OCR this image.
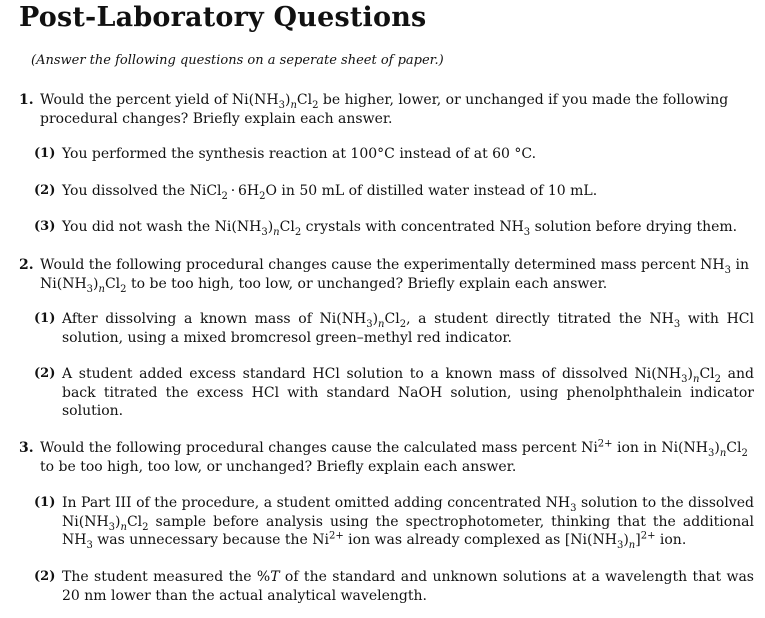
Post-Laboratory Questions

(Answer the following questions on a seperate sheet of paper.)

1. Would the percent yield of $Ni(NH_3)_nCl_2$ be higher, lower, or unchanged if you made the following procedural changes? Briefly explain each answer.
(1) You performed the synthesis reaction at 100°C instead of at 60 °C.
(2) You dissolved the NiCl$_2$ · $6H_2O$ in 50 mL of distilled water instead of 10 mL.
(3) You did not wash the $Ni(NH_3)_nCl_2$ crystals with concentrated $NH_3$ solution before drying them.
2. Would the following procedural changes cause the experimentally determined mass percent $NH_3$ in $Ni(NH_3)_nCl_2$ to be too high, too low, or unchanged? Briefly explain each answer.
(1) After dissolving a known mass of $Ni(NH_3)_nCl_2$, a student directly titrated the $NH_3$ with HCl solution, using a mixed bromcresol green–methyl red indicator.
(2) A student added excess standard HCl solution to a known mass of dissolved $Ni(NH_3)_nCl_2$ and back titrated the excess HCl with standard NaOH solution, using phenolphthalein indicator solution.
3. Would the following procedural changes cause the calculated mass percent $Ni^{2+}$ ion in $Ni(NH_3)_nCl_2$ to be too high, too low, or unchanged? Briefly explain each answer.
(1) In Part III of the procedure, a student omitted adding concentrated $NH_3$ solution to the dissolved $Ni(NH_3)_nCl_2$ sample before analysis using the spectrophotometer, thinking that the additional $NH_3$ was unnecessary because the $Ni^{2+}$ ion was already complexed as $[Ni(NH_3)_n]^{2+}$ ion.
(2) The student measured the %T of the standard and unknown solutions at a wavelength that was 20 nm lower than the actual analytical wavelength.
